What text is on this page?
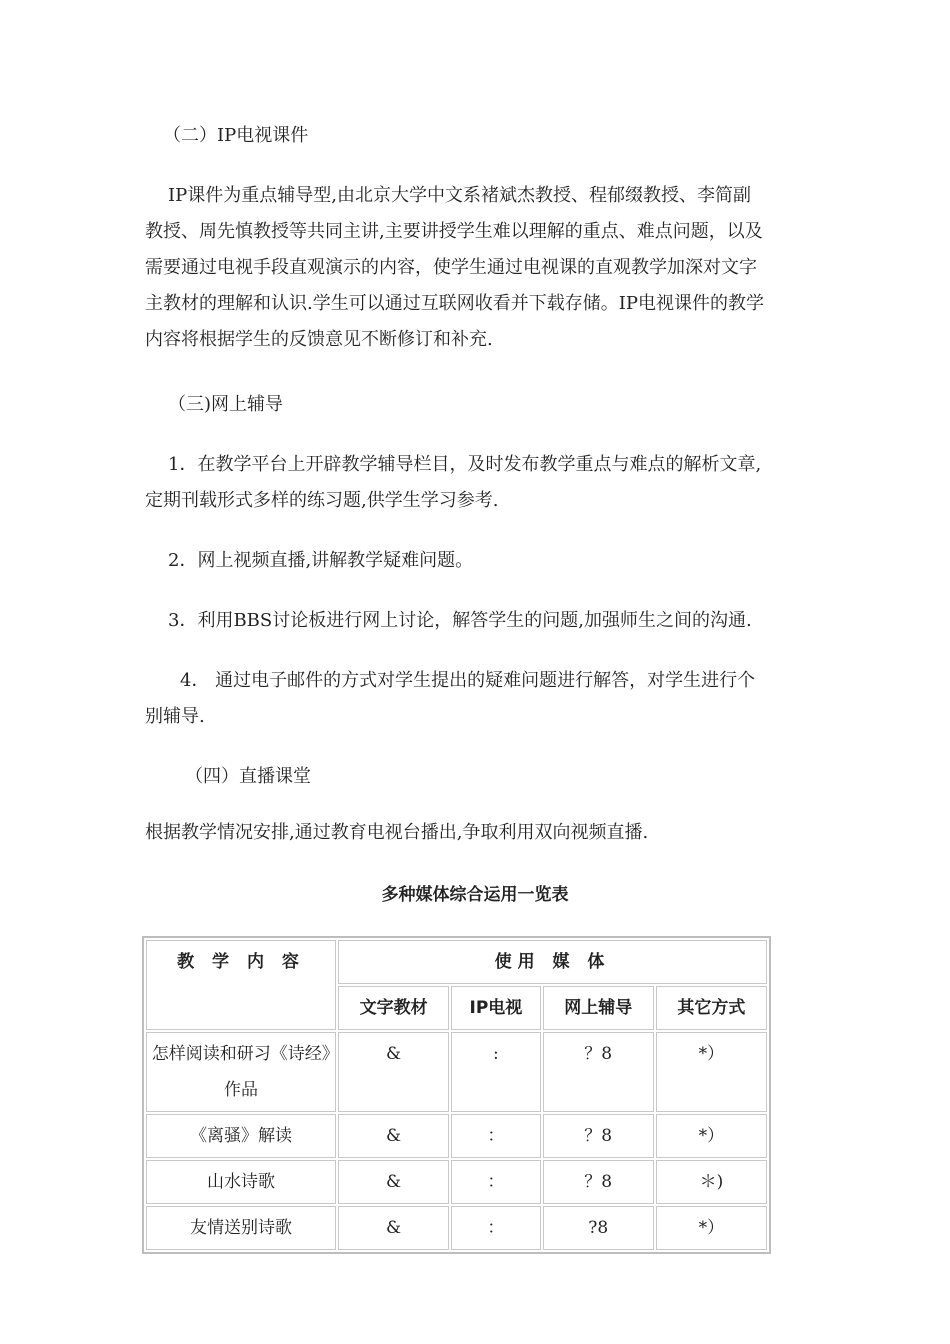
（二）IP电视课件

IP课件为重点辅导型,由北京大学中文系褚斌杰教授、程郁缀教授、李简副

教授、周先慎教授等共同主讲,主要讲授学生难以理解的重点、难点问题，以及

需要通过电视手段直观演示的内容，使学生通过电视课的直观教学加深对文字

主教材的理解和认识.学生可以通过互联网收看并下载存储。IP电视课件的教学

内容将根据学生的反馈意见不断修订和补充.

（三)网上辅导

1．在教学平台上开辟教学辅导栏目，及时发布教学重点与难点的解析文章,

定期刊载形式多样的练习题,供学生学习参考.

2．网上视频直播,讲解教学疑难问题。

3．利用BBS讨论板进行网上讨论，解答学生的问题,加强师生之间的沟通.

4． 通过电子邮件的方式对学生提出的疑难问题进行解答，对学生进行个

别辅导.

（四）直播课堂

根据教学情况安排,通过教育电视台播出,争取利用双向视频直播.

多种媒体综合运用一览表
教 学 内 容	使用 媒 体			
	文字教材	IP电视	网上辅导	其它方式
怎样阅读和研习《诗经》作品	&	:	？8	*）
《离骚》解读	&	：	？8	*）
山水诗歌	&	：	？8	＊)
友情送别诗歌	&	：	?8	*）
